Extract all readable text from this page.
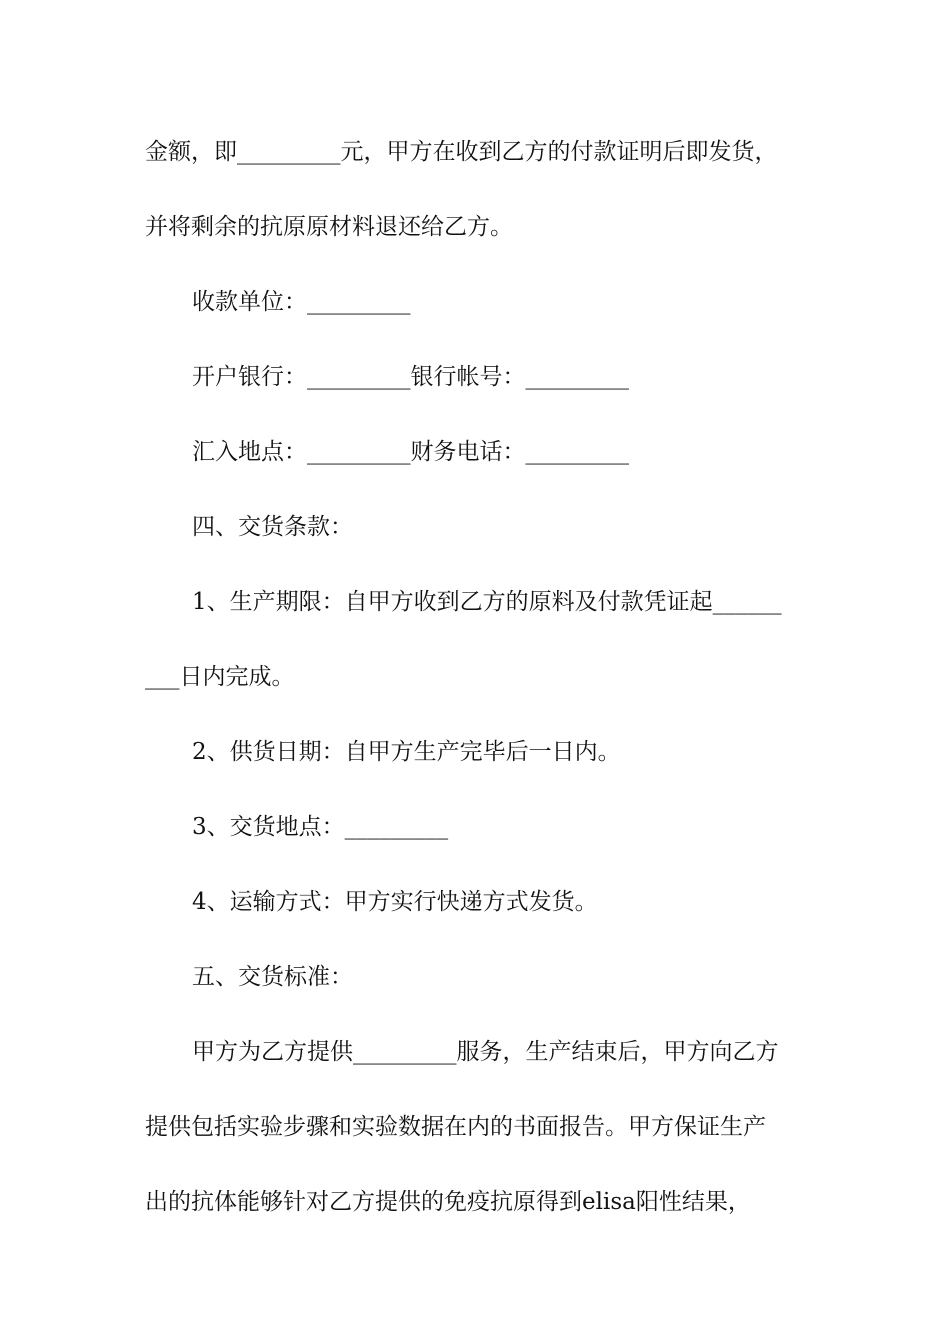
金额，即_________元，甲方在收到乙方的付款证明后即发货，
并将剩余的抗原原材料退还给乙方。
收款单位：_________
开户银行：_________银行帐号：_________
汇入地点：_________财务电话：_________
四、交货条款：
1、生产期限：自甲方收到乙方的原料及付款凭证起______
___日内完成。
2、供货日期：自甲方生产完毕后一日内。
3、交货地点：_________
4、运输方式：甲方实行快递方式发货。
五、交货标准：
甲方为乙方提供_________服务，生产结束后，甲方向乙方
提供包括实验步骤和实验数据在内的书面报告。甲方保证生产
出的抗体能够针对乙方提供的免疫抗原得到elisa阳性结果，
